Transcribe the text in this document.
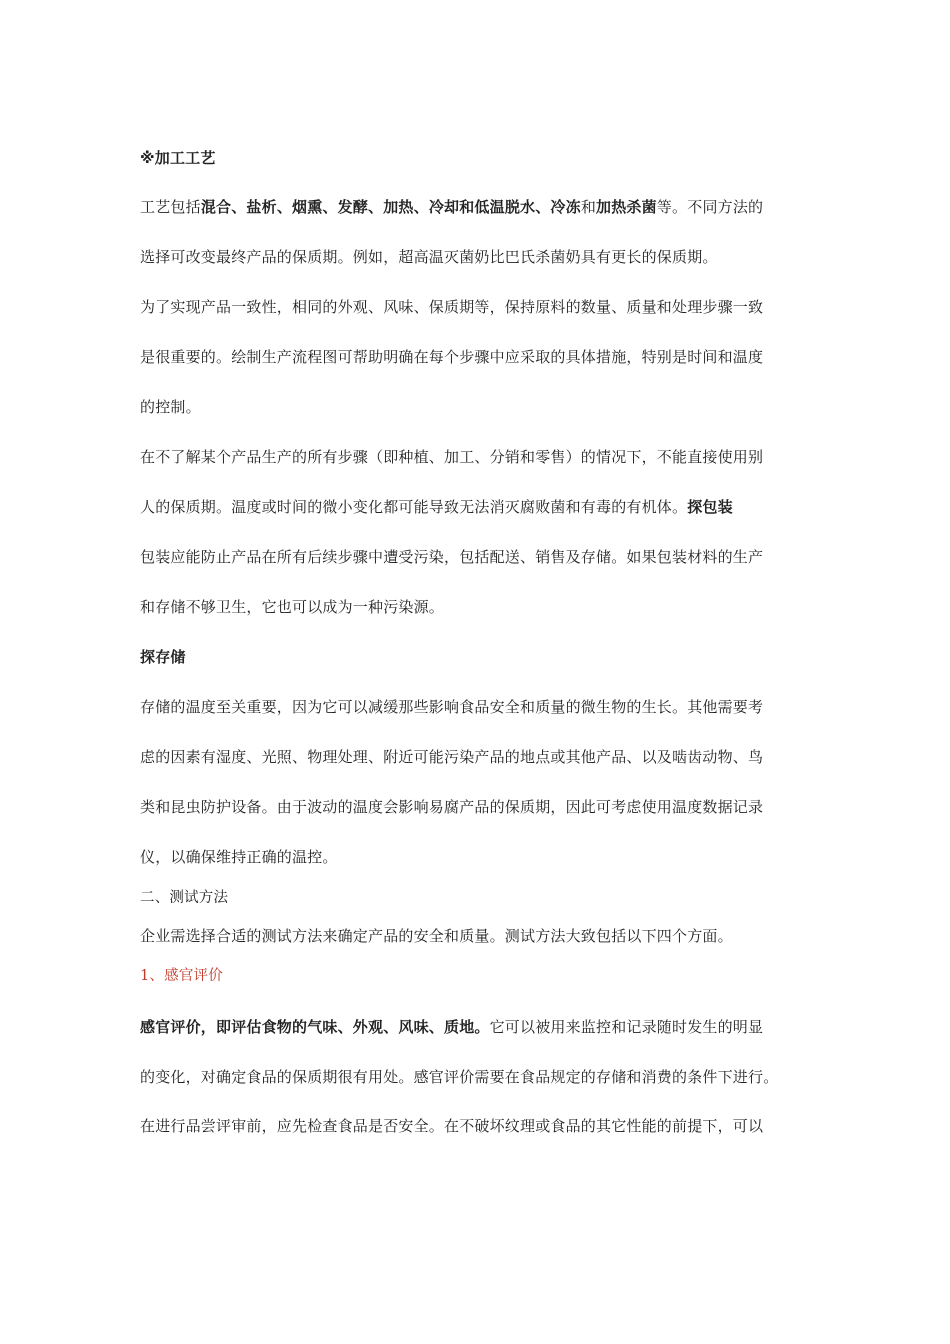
※加工工艺
工艺包括混合、盐析、烟熏、发酵、加热、冷却和低温脱水、冷冻和加热杀菌等。不同方法的
选择可改变最终产品的保质期。例如，超高温灭菌奶比巴氏杀菌奶具有更长的保质期。
为了实现产品一致性，相同的外观、风味、保质期等，保持原料的数量、质量和处理步骤一致
是很重要的。绘制生产流程图可帮助明确在每个步骤中应采取的具体措施，特别是时间和温度
的控制。
在不了解某个产品生产的所有步骤（即种植、加工、分销和零售）的情况下，不能直接使用别
人的保质期。温度或时间的微小变化都可能导致无法消灭腐败菌和有毒的有机体。探包装
包装应能防止产品在所有后续步骤中遭受污染，包括配送、销售及存储。如果包装材料的生产
和存储不够卫生，它也可以成为一种污染源。
探存储
存储的温度至关重要，因为它可以减缓那些影响食品安全和质量的微生物的生长。其他需要考
虑的因素有湿度、光照、物理处理、附近可能污染产品的地点或其他产品、以及啮齿动物、鸟
类和昆虫防护设备。由于波动的温度会影响易腐产品的保质期，因此可考虑使用温度数据记录
仪，以确保维持正确的温控。
二、测试方法
企业需选择合适的测试方法来确定产品的安全和质量。测试方法大致包括以下四个方面。
1、感官评价
感官评价，即评估食物的气味、外观、风味、质地。它可以被用来监控和记录随时发生的明显
的变化，对确定食品的保质期很有用处。感官评价需要在食品规定的存储和消费的条件下进行。
在进行品尝评审前，应先检查食品是否安全。在不破坏纹理或食品的其它性能的前提下，可以
